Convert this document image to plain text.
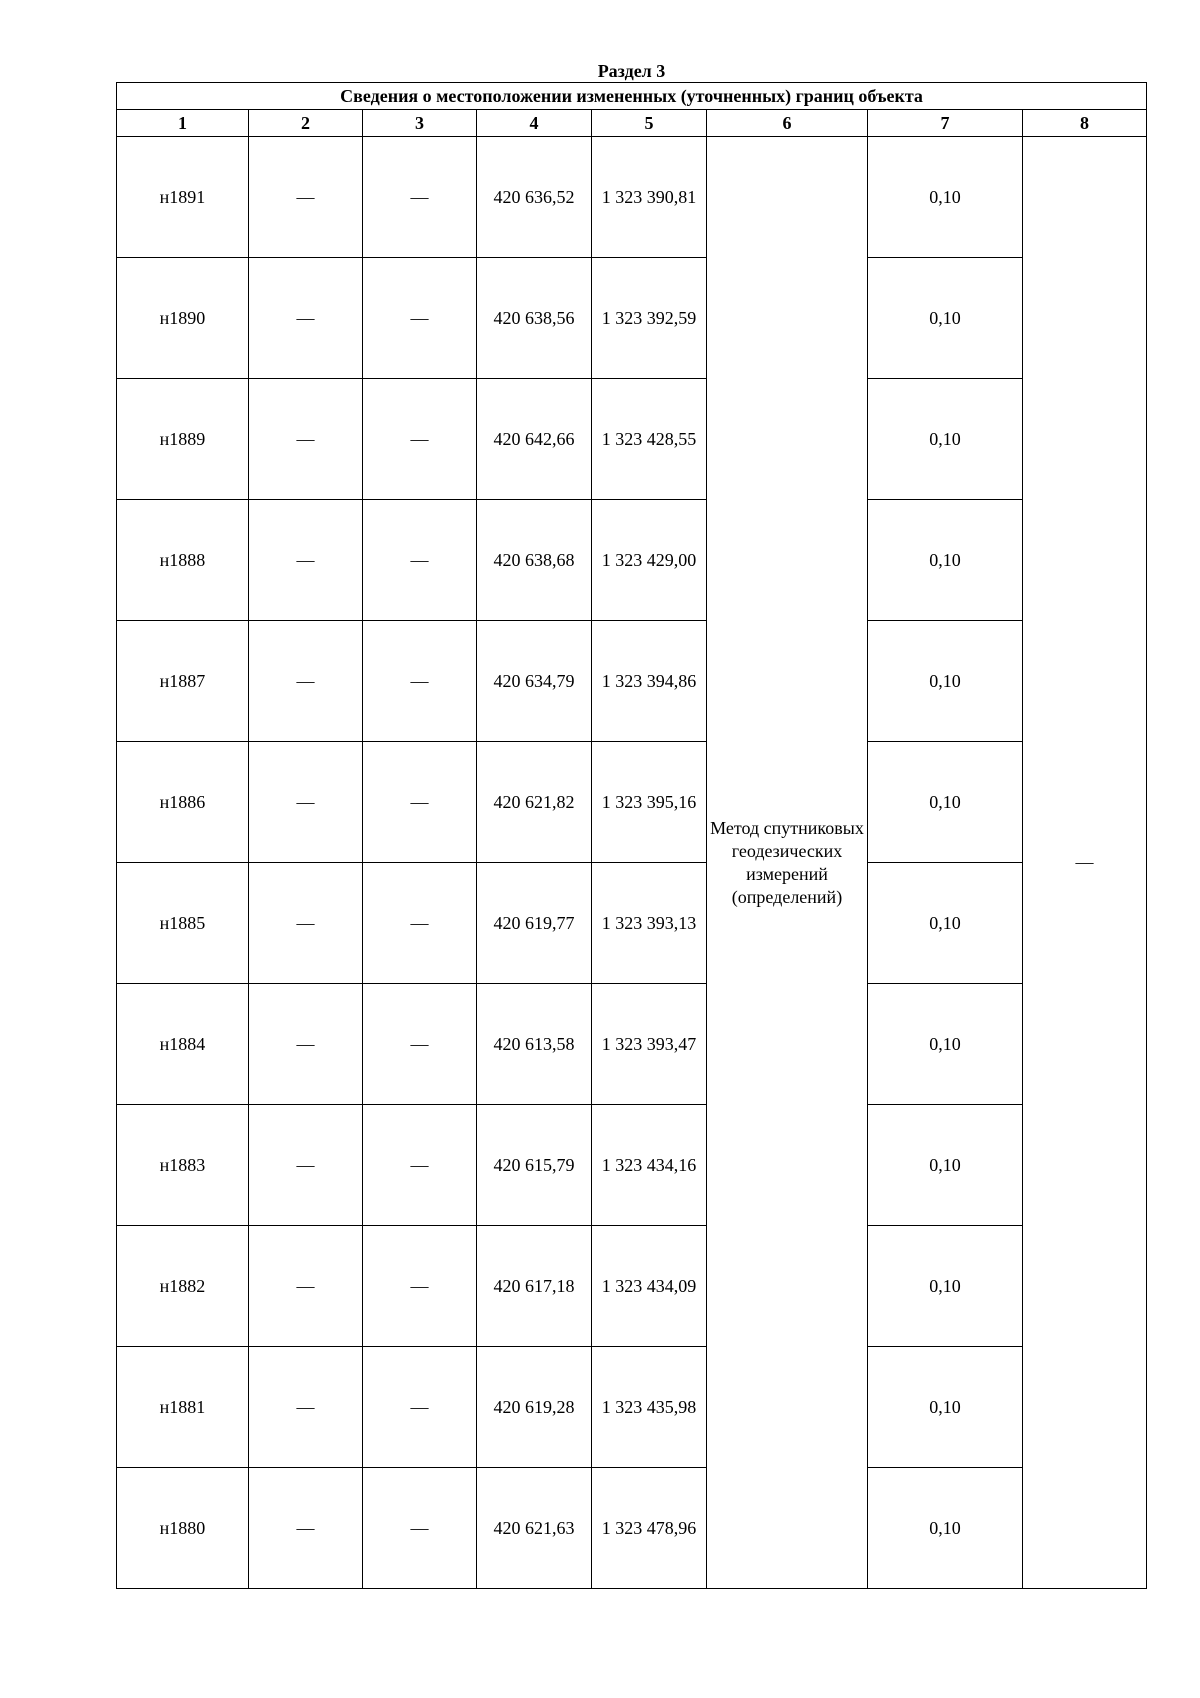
Раздел 3
Сведения о местоположении измененных (уточненных) границ объекта							
1	2	3	4	5	6	7	8
н1891	—	—	420 636,52	1 323 390,81	Метод спутниковых геодезических измерений (определений)	0,10	—
н1890	—	—	420 638,56	1 323 392,59		0,10	
н1889	—	—	420 642,66	1 323 428,55		0,10	
н1888	—	—	420 638,68	1 323 429,00		0,10	
н1887	—	—	420 634,79	1 323 394,86		0,10	
н1886	—	—	420 621,82	1 323 395,16		0,10	
н1885	—	—	420 619,77	1 323 393,13		0,10	
н1884	—	—	420 613,58	1 323 393,47		0,10	
н1883	—	—	420 615,79	1 323 434,16		0,10	
н1882	—	—	420 617,18	1 323 434,09		0,10	
н1881	—	—	420 619,28	1 323 435,98		0,10	
н1880	—	—	420 621,63	1 323 478,96		0,10	
